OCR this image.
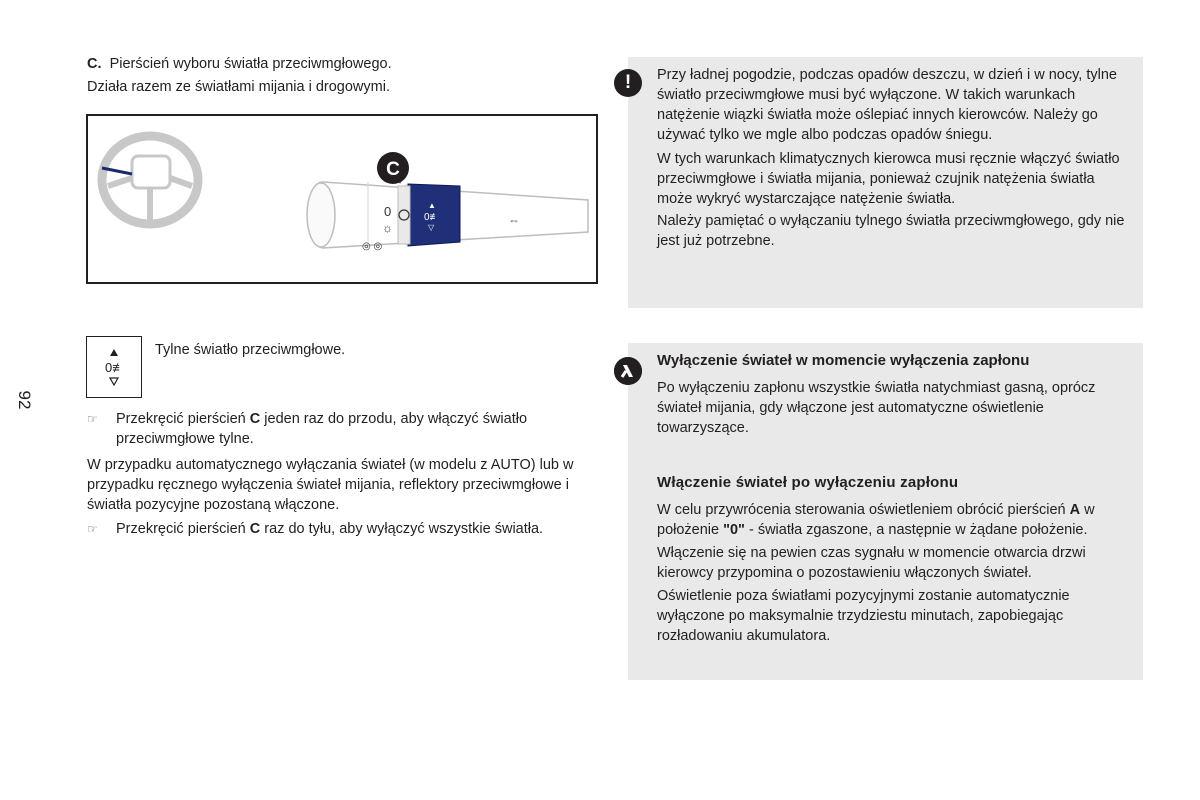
92

C. Pierścień wyboru światła przeciwmgłowego.

Działa razem ze światłami mijania i drogowymi.

0
☼
◎ ◎
▲
0≢
▽
⇔
C
0≢
Tylne światło przeciwmgłowe.
☞ Przekręcić pierścień C jeden raz do przodu, aby włączyć światło przeciwmgłowe tylne.

W przypadku automatycznego wyłączania świateł (w modelu z AUTO) lub w przypadku ręcznego wyłączenia świateł mijania, reflektory przeciwmgłowe i światła pozycyjne pozostaną włączone.

☞ Przekręcić pierścień C raz do tyłu, aby wyłączyć wszystkie światła.
!	Przy ładnej pogodzie, podczas opadów deszczu, w dzień i w nocy, tylne światło przeciwmgłowe musi być wyłączone. W takich warunkach natężenie wiązki światła może oślepiać innych kierowców. Należy go używać tylko we mgle albo podczas opadów śniegu.

W tych warunkach klimatycznych kierowca musi ręcznie włączyć światło przeciwmgłowe i światła mijania, ponieważ czujnik natężenia światła może wykryć wystarczające natężenie światła.

Należy pamiętać o wyłączaniu tylnego światła przeciwmgłowego, gdy nie jest już potrzebne.

Wyłączenie świateł w momencie wyłączenia zapłonu

Po wyłączeniu zapłonu wszystkie światła natychmiast gasną, oprócz świateł mijania, gdy włączone jest automatyczne oświetlenie towarzyszące.

Włączenie świateł po wyłączeniu zapłonu

W celu przywrócenia sterowania oświetleniem obrócić pierścień A w położenie "0" - światła zgaszone, a następnie w żądane położenie.

Włączenie się na pewien czas sygnału w momencie otwarcia drzwi kierowcy przypomina o pozostawieniu włączonych świateł.

Oświetlenie poza światłami pozycyjnymi zostanie automatycznie wyłączone po maksymalnie trzydziestu minutach, zapobiegając rozładowaniu akumulatora.
